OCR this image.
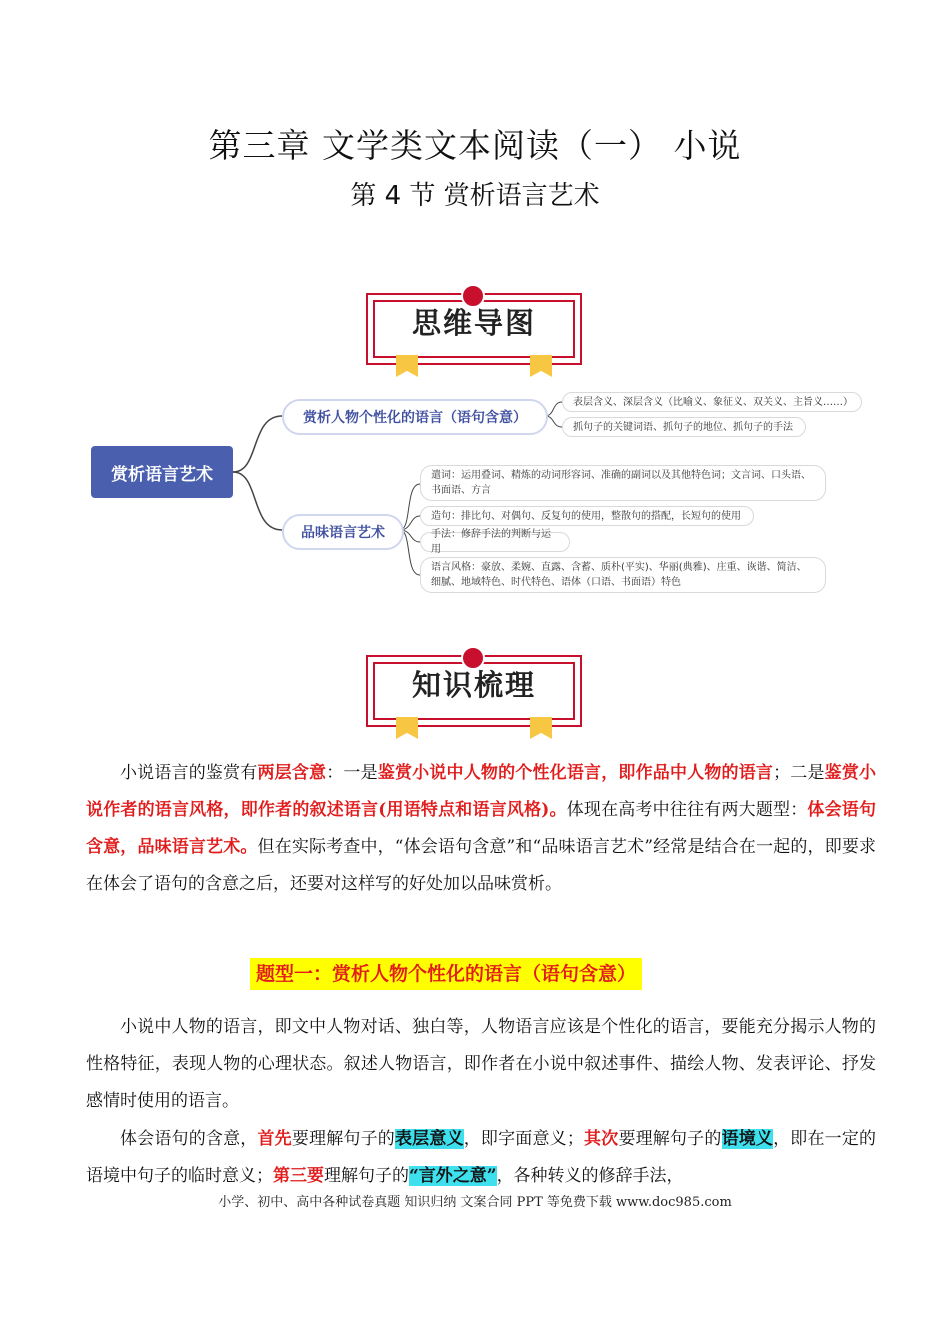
第三章 文学类文本阅读（一） 小说
第 4 节 赏析语言艺术
思维导图
赏析语言艺术
赏析人物个性化的语言（语句含意）
品味语言艺术
表层含义、深层含义（比喻义、象征义、双关义、主旨义……）
抓句子的关键词语、抓句子的地位、抓句子的手法
遣词：运用叠词、精炼的动词形容词、准确的副词以及其他特色词；文言词、口头语、书面语、方言
造句：排比句、对偶句、反复句的使用，整散句的搭配，长短句的使用
手法：修辞手法的判断与运用
语言风格：豪放、柔婉、直露、含蓄、质朴(平实)、华丽(典雅)、庄重、诙谐、简洁、细腻、地域特色、时代特色、语体（口语、书面语）特色
知识梳理
小说语言的鉴赏有两层含意：一是鉴赏小说中人物的个性化语言，即作品中人物的语言；二是鉴赏小说作者的语言风格，即作者的叙述语言(用语特点和语言风格)。体现在高考中往往有两大题型：体会语句含意，品味语言艺术。但在实际考查中，“体会语句含意”和“品味语言艺术”经常是结合在一起的，即要求在体会了语句的含意之后，还要对这样写的好处加以品味赏析。
题型一：赏析人物个性化的语言（语句含意）
小说中人物的语言，即文中人物对话、独白等，人物语言应该是个性化的语言，要能充分揭示人物的性格特征，表现人物的心理状态。叙述人物语言，即作者在小说中叙述事件、描绘人物、发表评论、抒发感情时使用的语言。
体会语句的含意，首先要理解句子的表层意义，即字面意义；其次要理解句子的语境义，即在一定的语境中句子的临时意义；第三要理解句子的“言外之意”，各种转义的修辞手法，
小学、初中、高中各种试卷真题 知识归纳 文案合同 PPT 等免费下载 www.doc985.com
